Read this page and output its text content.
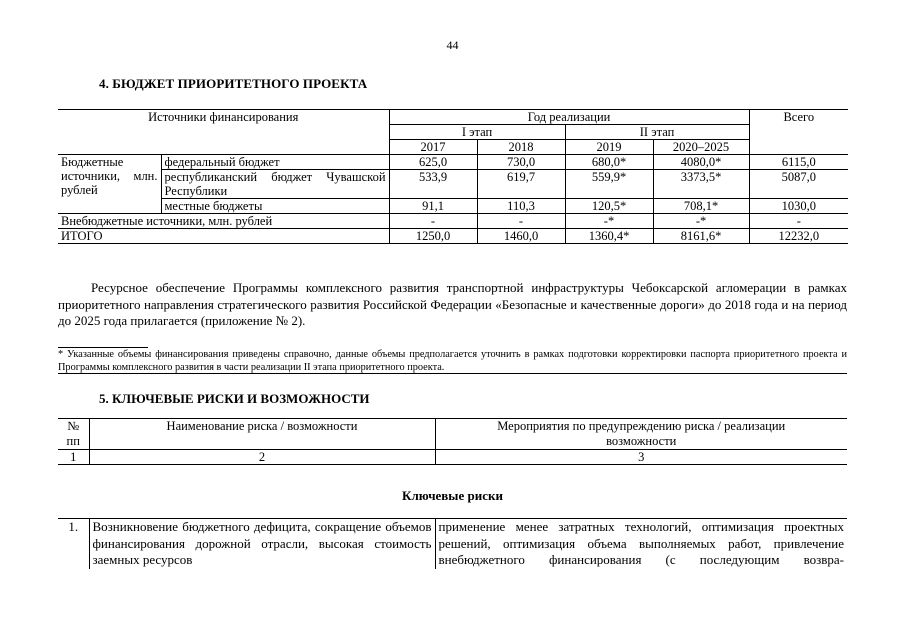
44
4. БЮДЖЕТ ПРИОРИТЕТНОГО ПРОЕКТА
Источники финансирования		Год реализации				Всего
		I этап		II этап		
		2017	2018	2019	2020–2025	
Бюджетные источники, млн. рублей	федеральный бюджет	625,0	730,0	680,0*	4080,0*	6115,0
	республиканский бюджет Чувашской Республики	533,9	619,7	559,9*	3373,5*	5087,0
	местные бюджеты	91,1	110,3	120,5*	708,1*	1030,0
Внебюджетные источники, млн. рублей		-	-	-*	-*	-
ИТОГО		1250,0	1460,0	1360,4*	8161,6*	12232,0
Ресурсное обеспечение Программы комплексного развития транспортной инфраструктуры Чебоксарской агломерации в рамках приоритетного направления стратегического развития Российской Федерации «Безопасные и качественные дороги» до 2018 года и на период до 2025 года прилагается (приложение № 2).
* Указанные объемы финансирования приведены справочно, данные объемы предполагается уточнить в рамках подготовки корректировки паспорта приоритетного проекта и Программы комплексного развития в части реализации II этапа приоритетного проекта.
5. КЛЮЧЕВЫЕ РИСКИ И ВОЗМОЖНОСТИ
№ пп	Наименование риска / возможности	Мероприятия по предупреждению риска / реализации возможности
1	2	3
Ключевые риски
1.	Возникновение бюджетного дефицита, сокращение объемов финансирования дорожной отрасли, высокая стоимость заемных ресурсов	применение менее затратных технологий, оптимизация проектных решений, оптимизация объема выполняемых работ, привлечение внебюджетного финансирования (с последующим возвра-
